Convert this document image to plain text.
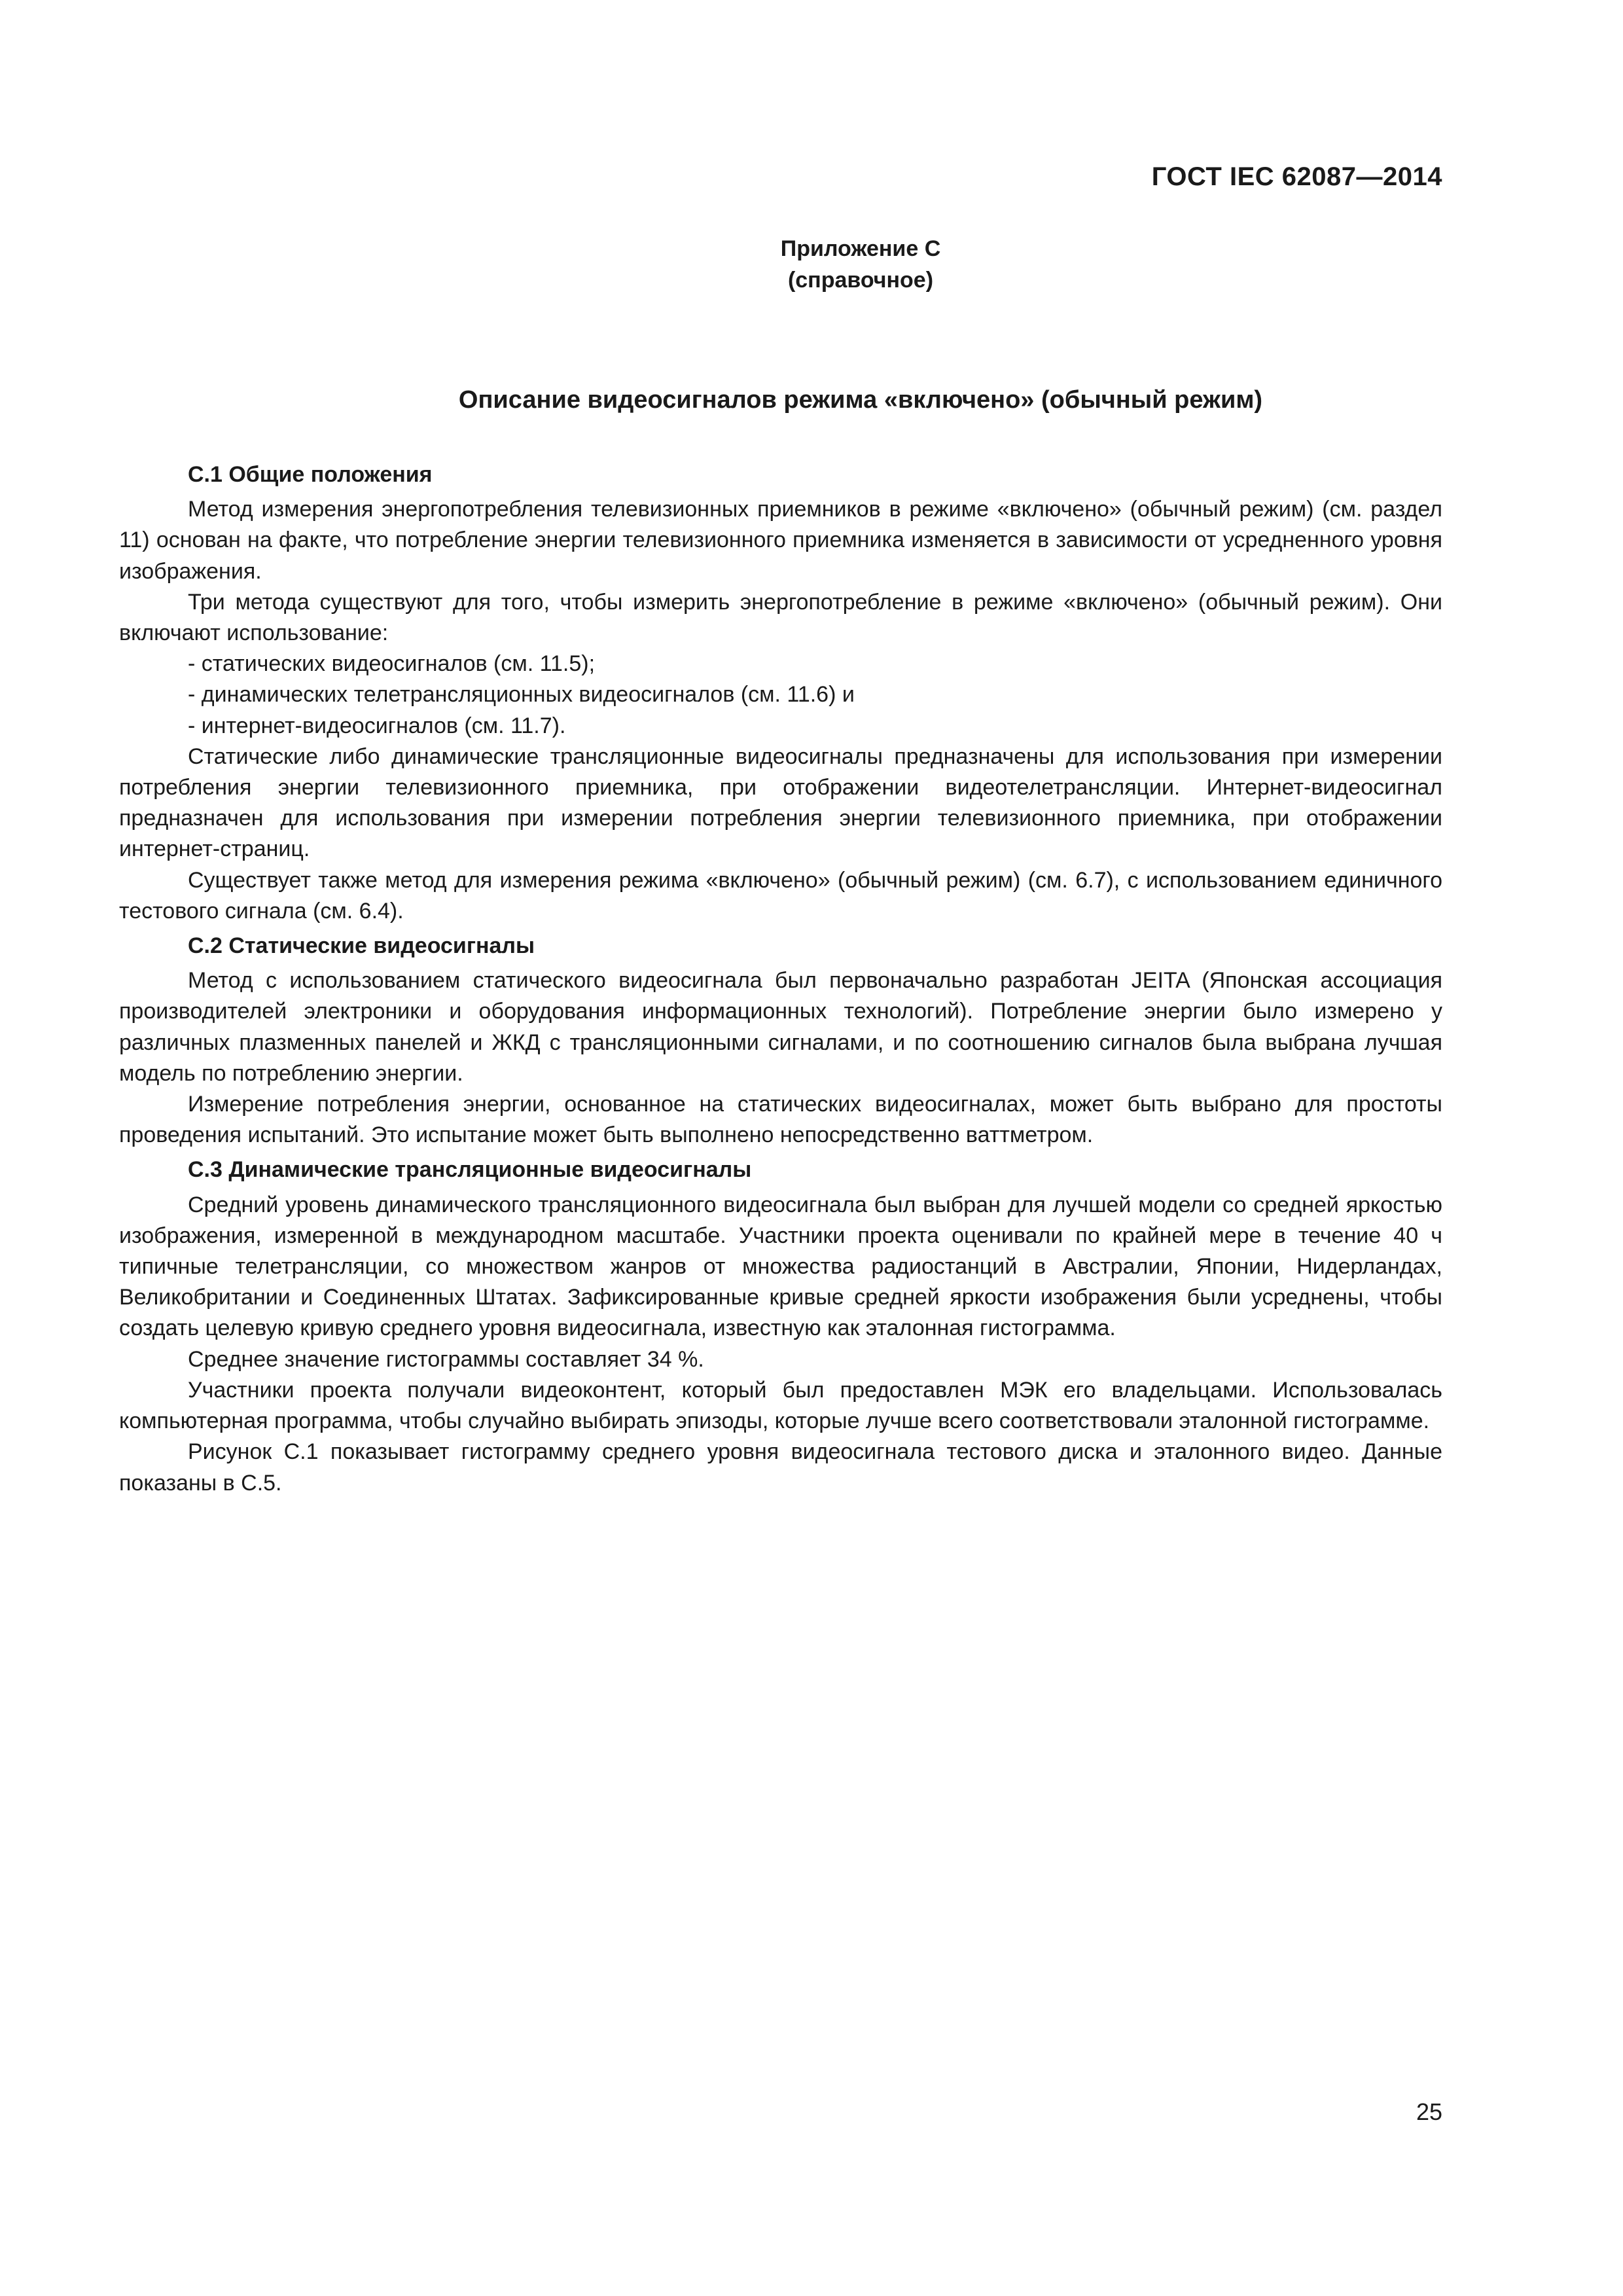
ГОСТ IEC 62087—2014
Приложение С
(справочное)
Описание видеосигналов режима «включено» (обычный режим)
С.1 Общие положения

Метод измерения энергопотребления телевизионных приемников в режиме «включено» (обычный режим) (см. раздел 11) основан на факте, что потребление энергии телевизионного приемника изменяется в зависимости от усредненного уровня изображения.

Три метода существуют для того, чтобы измерить энергопотребление в режиме «включено» (обычный режим). Они включают использование:

- статических видеосигналов (см. 11.5);
- динамических телетрансляционных видеосигналов (см. 11.6) и
- интернет-видеосигналов (см. 11.7).

Статические либо динамические трансляционные видеосигналы предназначены для использования при измерении потребления энергии телевизионного приемника, при отображении видеотелетрансляции. Интернет-видеосигнал предназначен для использования при измерении потребления энергии телевизионного приемника, при отображении интернет-страниц.

Существует также метод для измерения режима «включено» (обычный режим) (см. 6.7), с использованием единичного тестового сигнала (см. 6.4).

С.2 Статические видеосигналы

Метод с использованием статического видеосигнала был первоначально разработан JEITA (Японская ассоциация производителей электроники и оборудования информационных технологий). Потребление энергии было измерено у различных плазменных панелей и ЖКД с трансляционными сигналами, и по соотношению сигналов была выбрана лучшая модель по потреблению энергии.

Измерение потребления энергии, основанное на статических видеосигналах, может быть выбрано для простоты проведения испытаний. Это испытание может быть выполнено непосредственно ваттметром.

С.3 Динамические трансляционные видеосигналы

Средний уровень динамического трансляционного видеосигнала был выбран для лучшей модели со средней яркостью изображения, измеренной в международном масштабе. Участники проекта оценивали по крайней мере в течение 40 ч типичные телетрансляции, со множеством жанров от множества радиостанций в Австралии, Японии, Нидерландах, Великобритании и Соединенных Штатах. Зафиксированные кривые средней яркости изображения были усреднены, чтобы создать целевую кривую среднего уровня видеосигнала, известную как эталонная гистограмма.

Среднее значение гистограммы составляет 34 %.

Участники проекта получали видеоконтент, который был предоставлен МЭК его владельцами. Использовалась компьютерная программа, чтобы случайно выбирать эпизоды, которые лучше всего соответствовали эталонной гистограмме.

Рисунок С.1 показывает гистограмму среднего уровня видеосигнала тестового диска и эталонного видео. Данные показаны в С.5.

25
